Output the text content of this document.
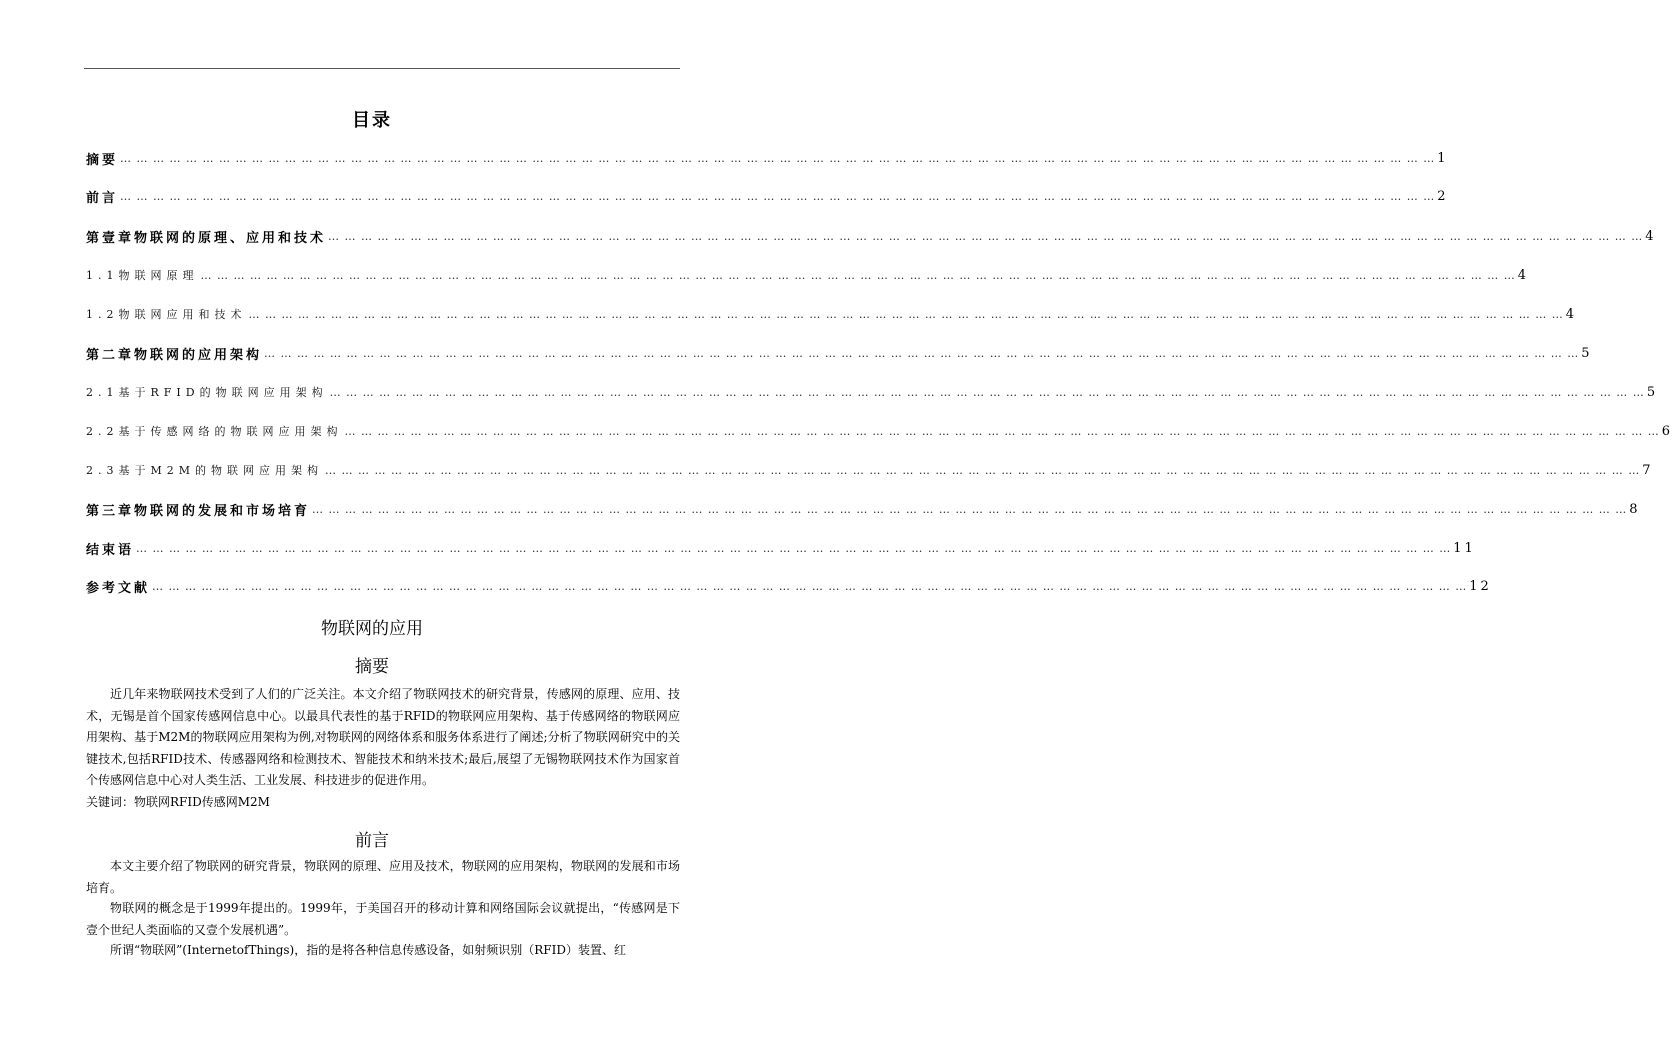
目录
摘要 … … … … … … … … … … … … … … … … … … … … … … … … … … … … … … … … … … … … … … … … … … … … … … … … … … … … … … … … … … … … … … … … … … … … … … … … … … … … … … … … 1
前言 … … … … … … … … … … … … … … … … … … … … … … … … … … … … … … … … … … … … … … … … … … … … … … … … … … … … … … … … … … … … … … … … … … … … … … … … … … … … … … … … 2
第壹章物联网的原理、应用和技术 … … … … … … … … … … … … … … … … … … … … … … … … … … … … … … … … … … … … … … … … … … … … … … … … … … … … … … … … … … … … … … … … … … … … … … … … … … … … … … … … 4
1.1物联网原理 … … … … … … … … … … … … … … … … … … … … … … … … … … … … … … … … … … … … … … … … … … … … … … … … … … … … … … … … … … … … … … … … … … … … … … … … … … … … … … … … 4
1.2物联网应用和技术 … … … … … … … … … … … … … … … … … … … … … … … … … … … … … … … … … … … … … … … … … … … … … … … … … … … … … … … … … … … … … … … … … … … … … … … … … … … … … … … … 4
第二章物联网的应用架构 … … … … … … … … … … … … … … … … … … … … … … … … … … … … … … … … … … … … … … … … … … … … … … … … … … … … … … … … … … … … … … … … … … … … … … … … … … … … … … … … 5
2.1基于RFID的物联网应用架构 … … … … … … … … … … … … … … … … … … … … … … … … … … … … … … … … … … … … … … … … … … … … … … … … … … … … … … … … … … … … … … … … … … … … … … … … … … … … … … … … 5
2.2基于传感网络的物联网应用架构 … … … … … … … … … … … … … … … … … … … … … … … … … … … … … … … … … … … … … … … … … … … … … … … … … … … … … … … … … … … … … … … … … … … … … … … … … … … … … … … … 6
2.3基于M2M的物联网应用架构 … … … … … … … … … … … … … … … … … … … … … … … … … … … … … … … … … … … … … … … … … … … … … … … … … … … … … … … … … … … … … … … … … … … … … … … … … … … … … … … … 7
第三章物联网的发展和市场培育 … … … … … … … … … … … … … … … … … … … … … … … … … … … … … … … … … … … … … … … … … … … … … … … … … … … … … … … … … … … … … … … … … … … … … … … … … … … … … … … … 8
结束语 … … … … … … … … … … … … … … … … … … … … … … … … … … … … … … … … … … … … … … … … … … … … … … … … … … … … … … … … … … … … … … … … … … … … … … … … … … … … … … … … 11
参考文献 … … … … … … … … … … … … … … … … … … … … … … … … … … … … … … … … … … … … … … … … … … … … … … … … … … … … … … … … … … … … … … … … … … … … … … … … … … … … … … … … 12
物联网的应用
摘要
近几年来物联网技术受到了人们的广泛关注。本文介绍了物联网技术的研究背景，传感网的原理、应用、技术，无锡是首个国家传感网信息中心。以最具代表性的基于RFID的物联网应用架构、基于传感网络的物联网应用架构、基于M2M的物联网应用架构为例,对物联网的网络体系和服务体系进行了阐述;分析了物联网研究中的关键技术,包括RFID技术、传感器网络和检测技术、智能技术和纳米技术;最后,展望了无锡物联网技术作为国家首个传感网信息中心对人类生活、工业发展、科技进步的促进作用。
关键词：物联网RFID传感网M2M
前言
本文主要介绍了物联网的研究背景，物联网的原理、应用及技术，物联网的应用架构，物联网的发展和市场培育。
物联网的概念是于1999年提出的。1999年，于美国召开的移动计算和网络国际会议就提出，“传感网是下壹个世纪人类面临的又壹个发展机遇”。
所谓“物联网”(InternetofThings)，指的是将各种信息传感设备，如射频识别（RFID）装置、红
